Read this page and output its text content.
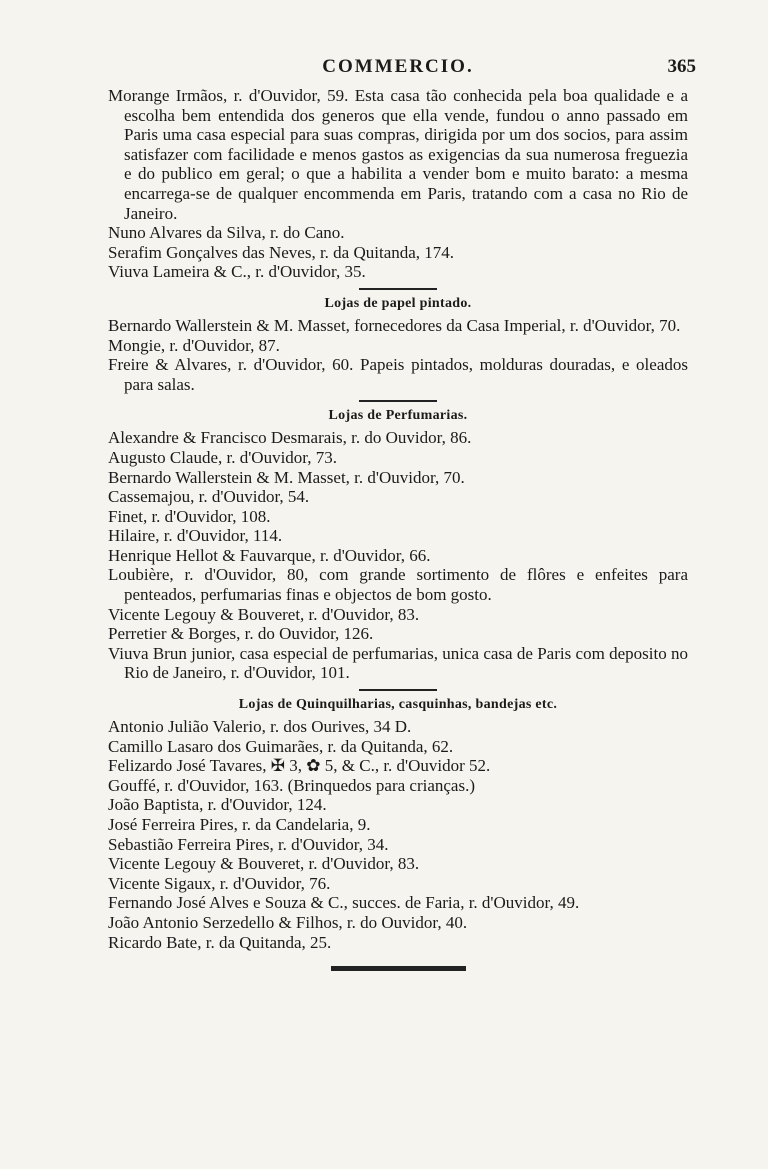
COMMERCIO.	365
Morange Irmãos, r. d'Ouvidor, 59. Esta casa tão conhecida pela boa qualidade e a escolha bem entendida dos generos que ella vende, fundou o anno passado em Paris uma casa especial para suas compras, dirigida por um dos socios, para assim satisfazer com facilidade e menos gastos as exigencias da sua numerosa freguezia e do publico em geral; o que a habilita a vender bom e muito barato: a mesma encarrega-se de qualquer encommenda em Paris, tratando com a casa no Rio de Janeiro.
Nuno Alvares da Silva, r. do Cano.
Serafim Gonçalves das Neves, r. da Quitanda, 174.
Viuva Lameira & C., r. d'Ouvidor, 35.
Lojas de papel pintado.
Bernardo Wallerstein & M. Masset, fornecedores da Casa Imperial, r. d'Ouvidor, 70.
Mongie, r. d'Ouvidor, 87.
Freire & Alvares, r. d'Ouvidor, 60. Papeis pintados, molduras douradas, e oleados para salas.
Lojas de Perfumarias.
Alexandre & Francisco Desmarais, r. do Ouvidor, 86.
Augusto Claude, r. d'Ouvidor, 73.
Bernardo Wallerstein & M. Masset, r. d'Ouvidor, 70.
Cassemajou, r. d'Ouvidor, 54.
Finet, r. d'Ouvidor, 108.
Hilaire, r. d'Ouvidor, 114.
Henrique Hellot & Fauvarque, r. d'Ouvidor, 66.
Loubière, r. d'Ouvidor, 80, com grande sortimento de flôres e enfeites para penteados, perfumarias finas e objectos de bom gosto.
Vicente Legouy & Bouveret, r. d'Ouvidor, 83.
Perretier & Borges, r. do Ouvidor, 126.
Viuva Brun junior, casa especial de perfumarias, unica casa de Paris com deposito no Rio de Janeiro, r. d'Ouvidor, 101.
Lojas de Quinquilharias, casquinhas, bandejas etc.
Antonio Julião Valerio, r. dos Ourives, 34 D.
Camillo Lasaro dos Guimarães, r. da Quitanda, 62.
Felizardo José Tavares, ✠ 3, ✿ 5, & C., r. d'Ouvidor 52.
Gouffé, r. d'Ouvidor, 163. (Brinquedos para crianças.)
João Baptista, r. d'Ouvidor, 124.
José Ferreira Pires, r. da Candelaria, 9.
Sebastião Ferreira Pires, r. d'Ouvidor, 34.
Vicente Legouy & Bouveret, r. d'Ouvidor, 83.
Vicente Sigaux, r. d'Ouvidor, 76.
Fernando José Alves e Souza & C., succes. de Faria, r. d'Ouvidor, 49.
João Antonio Serzedello & Filhos, r. do Ouvidor, 40.
Ricardo Bate, r. da Quitanda, 25.
